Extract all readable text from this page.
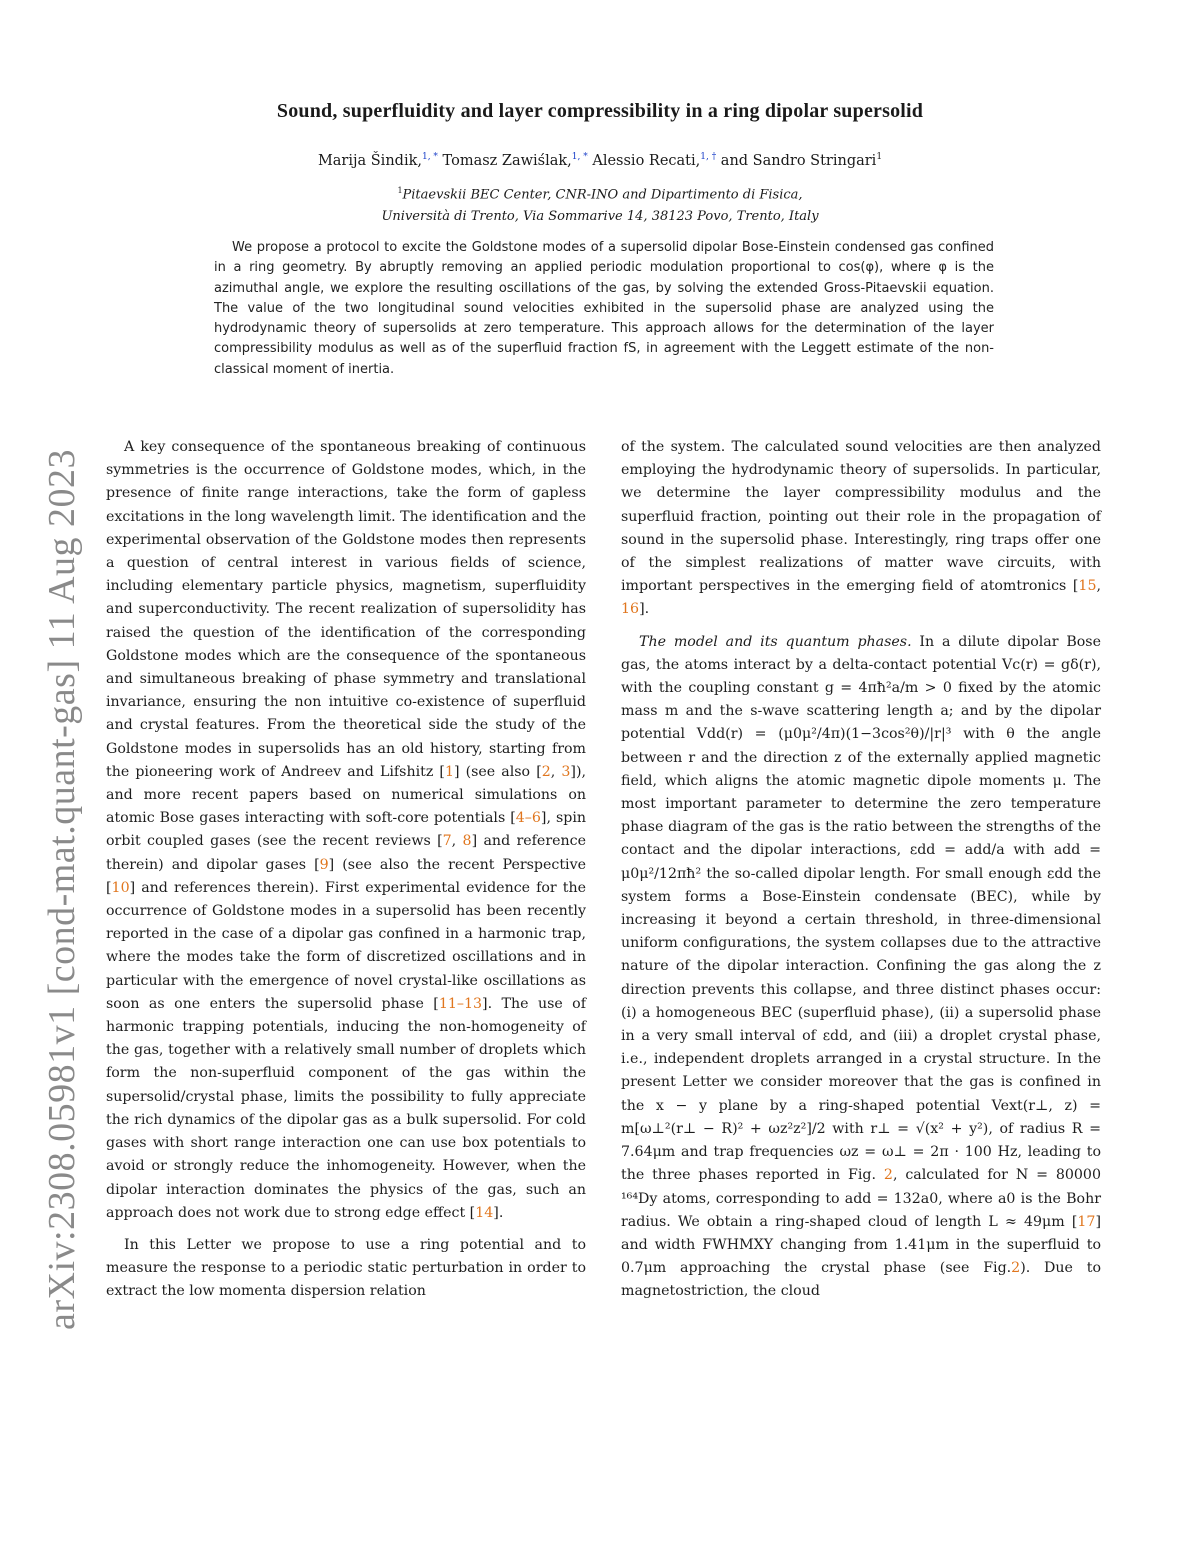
arXiv:2308.05981v1 [cond-mat.quant-gas] 11 Aug 2023
Sound, superfluidity and layer compressibility in a ring dipolar supersolid
Marija Šindik,$^{1, *}$ Tomasz Zawiślak,$^{1, *}$ Alessio Recati,$^{1, \dagger}$ and Sandro Stringari$^1$
$^1$Pitaevskii BEC Center, CNR-INO and Dipartimento di Fisica,
Università di Trento, Via Sommarive 14, 38123 Povo, Trento, Italy
We propose a protocol to excite the Goldstone modes of a supersolid dipolar Bose-Einstein condensed gas confined in a ring geometry. By abruptly removing an applied periodic modulation proportional to cos(φ), where φ is the azimuthal angle, we explore the resulting oscillations of the gas, by solving the extended Gross-Pitaevskii equation. The value of the two longitudinal sound velocities exhibited in the supersolid phase are analyzed using the hydrodynamic theory of supersolids at zero temperature. This approach allows for the determination of the layer compressibility modulus as well as of the superfluid fraction fS, in agreement with the Leggett estimate of the non-classical moment of inertia.

A key consequence of the spontaneous breaking of continuous symmetries is the occurrence of Goldstone modes, which, in the presence of finite range interactions, take the form of gapless excitations in the long wavelength limit. The identification and the experimental observation of the Goldstone modes then represents a question of central interest in various fields of science, including elementary particle physics, magnetism, superfluidity and superconductivity. The recent realization of supersolidity has raised the question of the identification of the corresponding Goldstone modes which are the consequence of the spontaneous and simultaneous breaking of phase symmetry and translational invariance, ensuring the non intuitive co-existence of superfluid and crystal features. From the theoretical side the study of the Goldstone modes in supersolids has an old history, starting from the pioneering work of Andreev and Lifshitz [1] (see also [2, 3]), and more recent papers based on numerical simulations on atomic Bose gases interacting with soft-core potentials [4–6], spin orbit coupled gases (see the recent reviews [7, 8] and reference therein) and dipolar gases [9] (see also the recent Perspective [10] and references therein). First experimental evidence for the occurrence of Goldstone modes in a supersolid has been recently reported in the case of a dipolar gas confined in a harmonic trap, where the modes take the form of discretized oscillations and in particular with the emergence of novel crystal-like oscillations as soon as one enters the supersolid phase [11–13]. The use of harmonic trapping potentials, inducing the non-homogeneity of the gas, together with a relatively small number of droplets which form the non-superfluid component of the gas within the supersolid/crystal phase, limits the possibility to fully appreciate the rich dynamics of the dipolar gas as a bulk supersolid. For cold gases with short range interaction one can use box potentials to avoid or strongly reduce the inhomogeneity. However, when the dipolar interaction dominates the physics of the gas, such an approach does not work due to strong edge effect [14].

In this Letter we propose to use a ring potential and to measure the response to a periodic static perturbation in order to extract the low momenta dispersion relation

of the system. The calculated sound velocities are then analyzed employing the hydrodynamic theory of supersolids. In particular, we determine the layer compressibility modulus and the superfluid fraction, pointing out their role in the propagation of sound in the supersolid phase. Interestingly, ring traps offer one of the simplest realizations of matter wave circuits, with important perspectives in the emerging field of atomtronics [15, 16].

The model and its quantum phases. In a dilute dipolar Bose gas, the atoms interact by a delta-contact potential Vc(r) = gδ(r), with the coupling constant g = 4πħ²a/m > 0 fixed by the atomic mass m and the s-wave scattering length a; and by the dipolar potential Vdd(r) = (μ0μ²/4π)(1−3cos²θ)/|r|³ with θ the angle between r and the direction z of the externally applied magnetic field, which aligns the atomic magnetic dipole moments μ. The most important parameter to determine the zero temperature phase diagram of the gas is the ratio between the strengths of the contact and the dipolar interactions, εdd = add/a with add = μ0μ²/12πħ² the so-called dipolar length. For small enough εdd the system forms a Bose-Einstein condensate (BEC), while by increasing it beyond a certain threshold, in three-dimensional uniform configurations, the system collapses due to the attractive nature of the dipolar interaction. Confining the gas along the z direction prevents this collapse, and three distinct phases occur: (i) a homogeneous BEC (superfluid phase), (ii) a supersolid phase in a very small interval of εdd, and (iii) a droplet crystal phase, i.e., independent droplets arranged in a crystal structure. In the present Letter we consider moreover that the gas is confined in the x − y plane by a ring-shaped potential Vext(r⊥, z) = m[ω⊥²(r⊥ − R)² + ωz²z²]/2 with r⊥ = √(x² + y²), of radius R = 7.64μm and trap frequencies ωz = ω⊥ = 2π · 100 Hz, leading to the three phases reported in Fig. 2, calculated for N = 80000 ¹⁶⁴Dy atoms, corresponding to add = 132a0, where a0 is the Bohr radius. We obtain a ring-shaped cloud of length L ≈ 49μm [17] and width FWHMXY changing from 1.41μm in the superfluid to 0.7μm approaching the crystal phase (see Fig.2). Due to magnetostriction, the cloud
